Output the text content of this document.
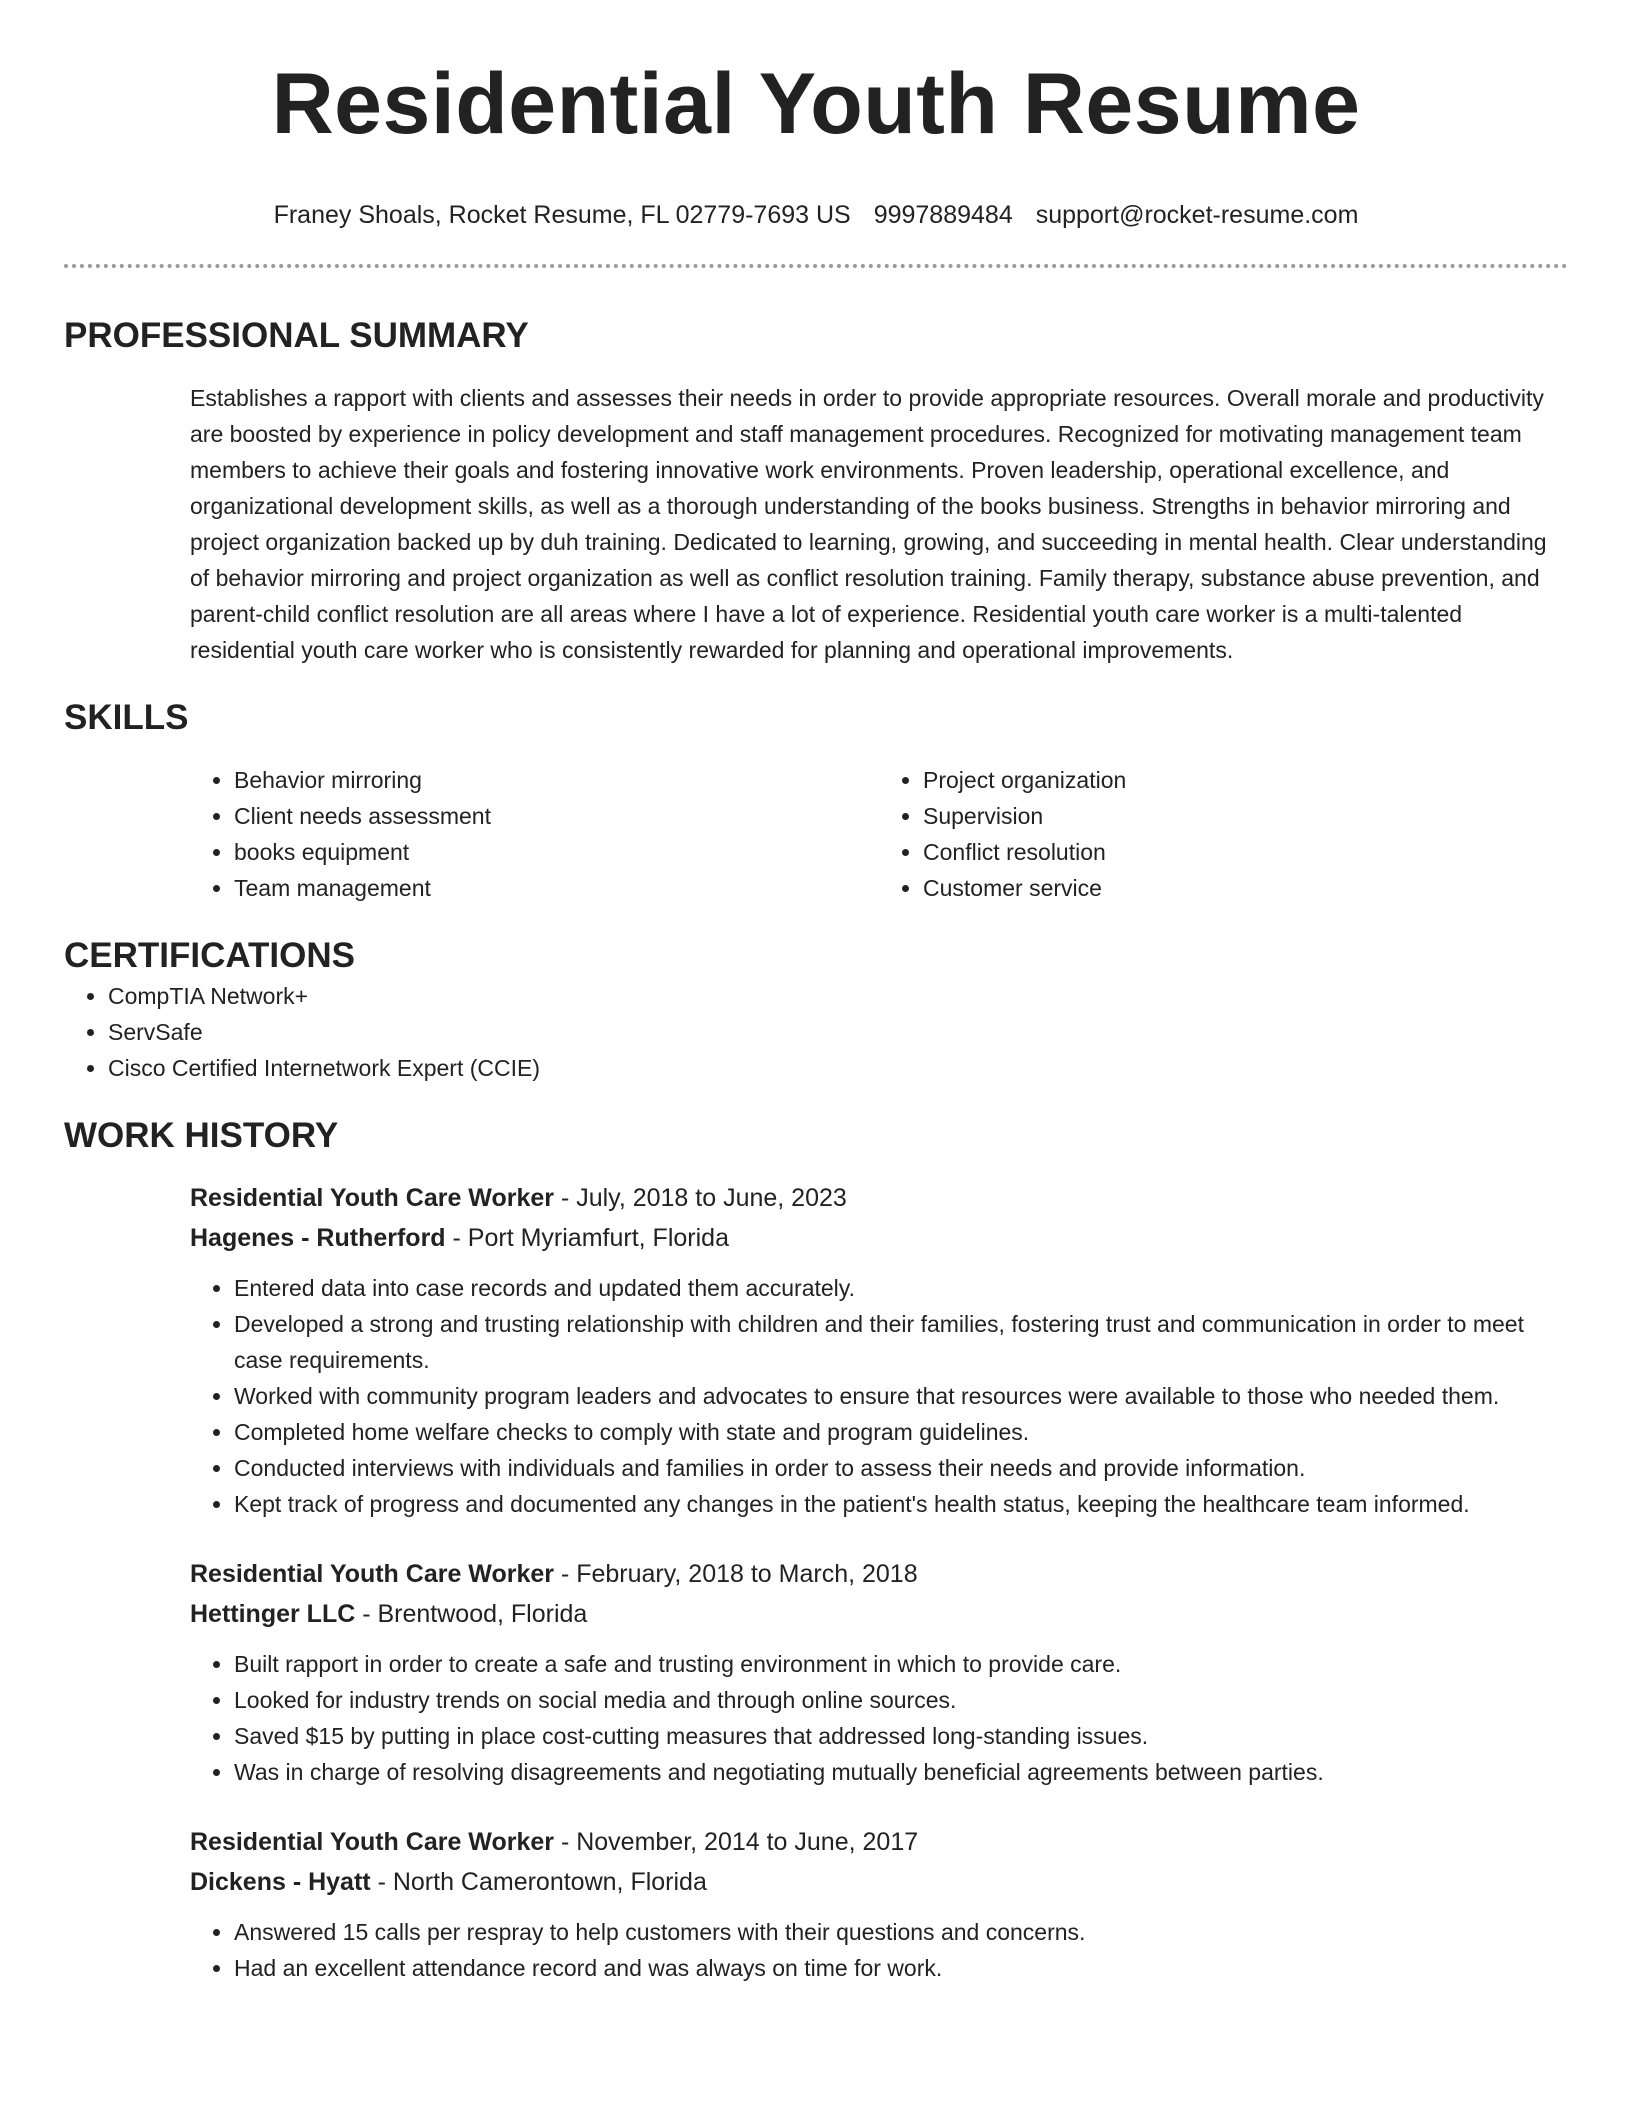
Residential Youth Resume
Franey Shoals, Rocket Resume, FL 02779-7693 US 9997889484 support@rocket-resume.com
PROFESSIONAL SUMMARY

Establishes a rapport with clients and assesses their needs in order to provide appropriate resources. Overall morale and productivity are boosted by experience in policy development and staff management procedures. Recognized for motivating management team members to achieve their goals and fostering innovative work environments. Proven leadership, operational excellence, and organizational development skills, as well as a thorough understanding of the books business. Strengths in behavior mirroring and project organization backed up by duh training. Dedicated to learning, growing, and succeeding in mental health. Clear understanding of behavior mirroring and project organization as well as conflict resolution training. Family therapy, substance abuse prevention, and parent-child conflict resolution are all areas where I have a lot of experience. Residential youth care worker is a multi-talented residential youth care worker who is consistently rewarded for planning and operational improvements.

SKILLS
• Behavior mirroring
• Client needs assessment
• books equipment
• Team management
• Project organization
• Supervision
• Conflict resolution
• Customer service
CERTIFICATIONS
• CompTIA Network+
• ServSafe
• Cisco Certified Internetwork Expert (CCIE)
WORK HISTORY
Residential Youth Care Worker - July, 2018 to June, 2023
Hagenes - Rutherford - Port Myriamfurt, Florida
• Entered data into case records and updated them accurately.
• Developed a strong and trusting relationship with children and their families, fostering trust and communication in order to meet case requirements.
• Worked with community program leaders and advocates to ensure that resources were available to those who needed them.
• Completed home welfare checks to comply with state and program guidelines.
• Conducted interviews with individuals and families in order to assess their needs and provide information.
• Kept track of progress and documented any changes in the patient's health status, keeping the healthcare team informed.
Residential Youth Care Worker - February, 2018 to March, 2018
Hettinger LLC - Brentwood, Florida
• Built rapport in order to create a safe and trusting environment in which to provide care.
• Looked for industry trends on social media and through online sources.
• Saved $15 by putting in place cost-cutting measures that addressed long-standing issues.
• Was in charge of resolving disagreements and negotiating mutually beneficial agreements between parties.
Residential Youth Care Worker - November, 2014 to June, 2017
Dickens - Hyatt - North Camerontown, Florida
• Answered 15 calls per respray to help customers with their questions and concerns.
• Had an excellent attendance record and was always on time for work.
